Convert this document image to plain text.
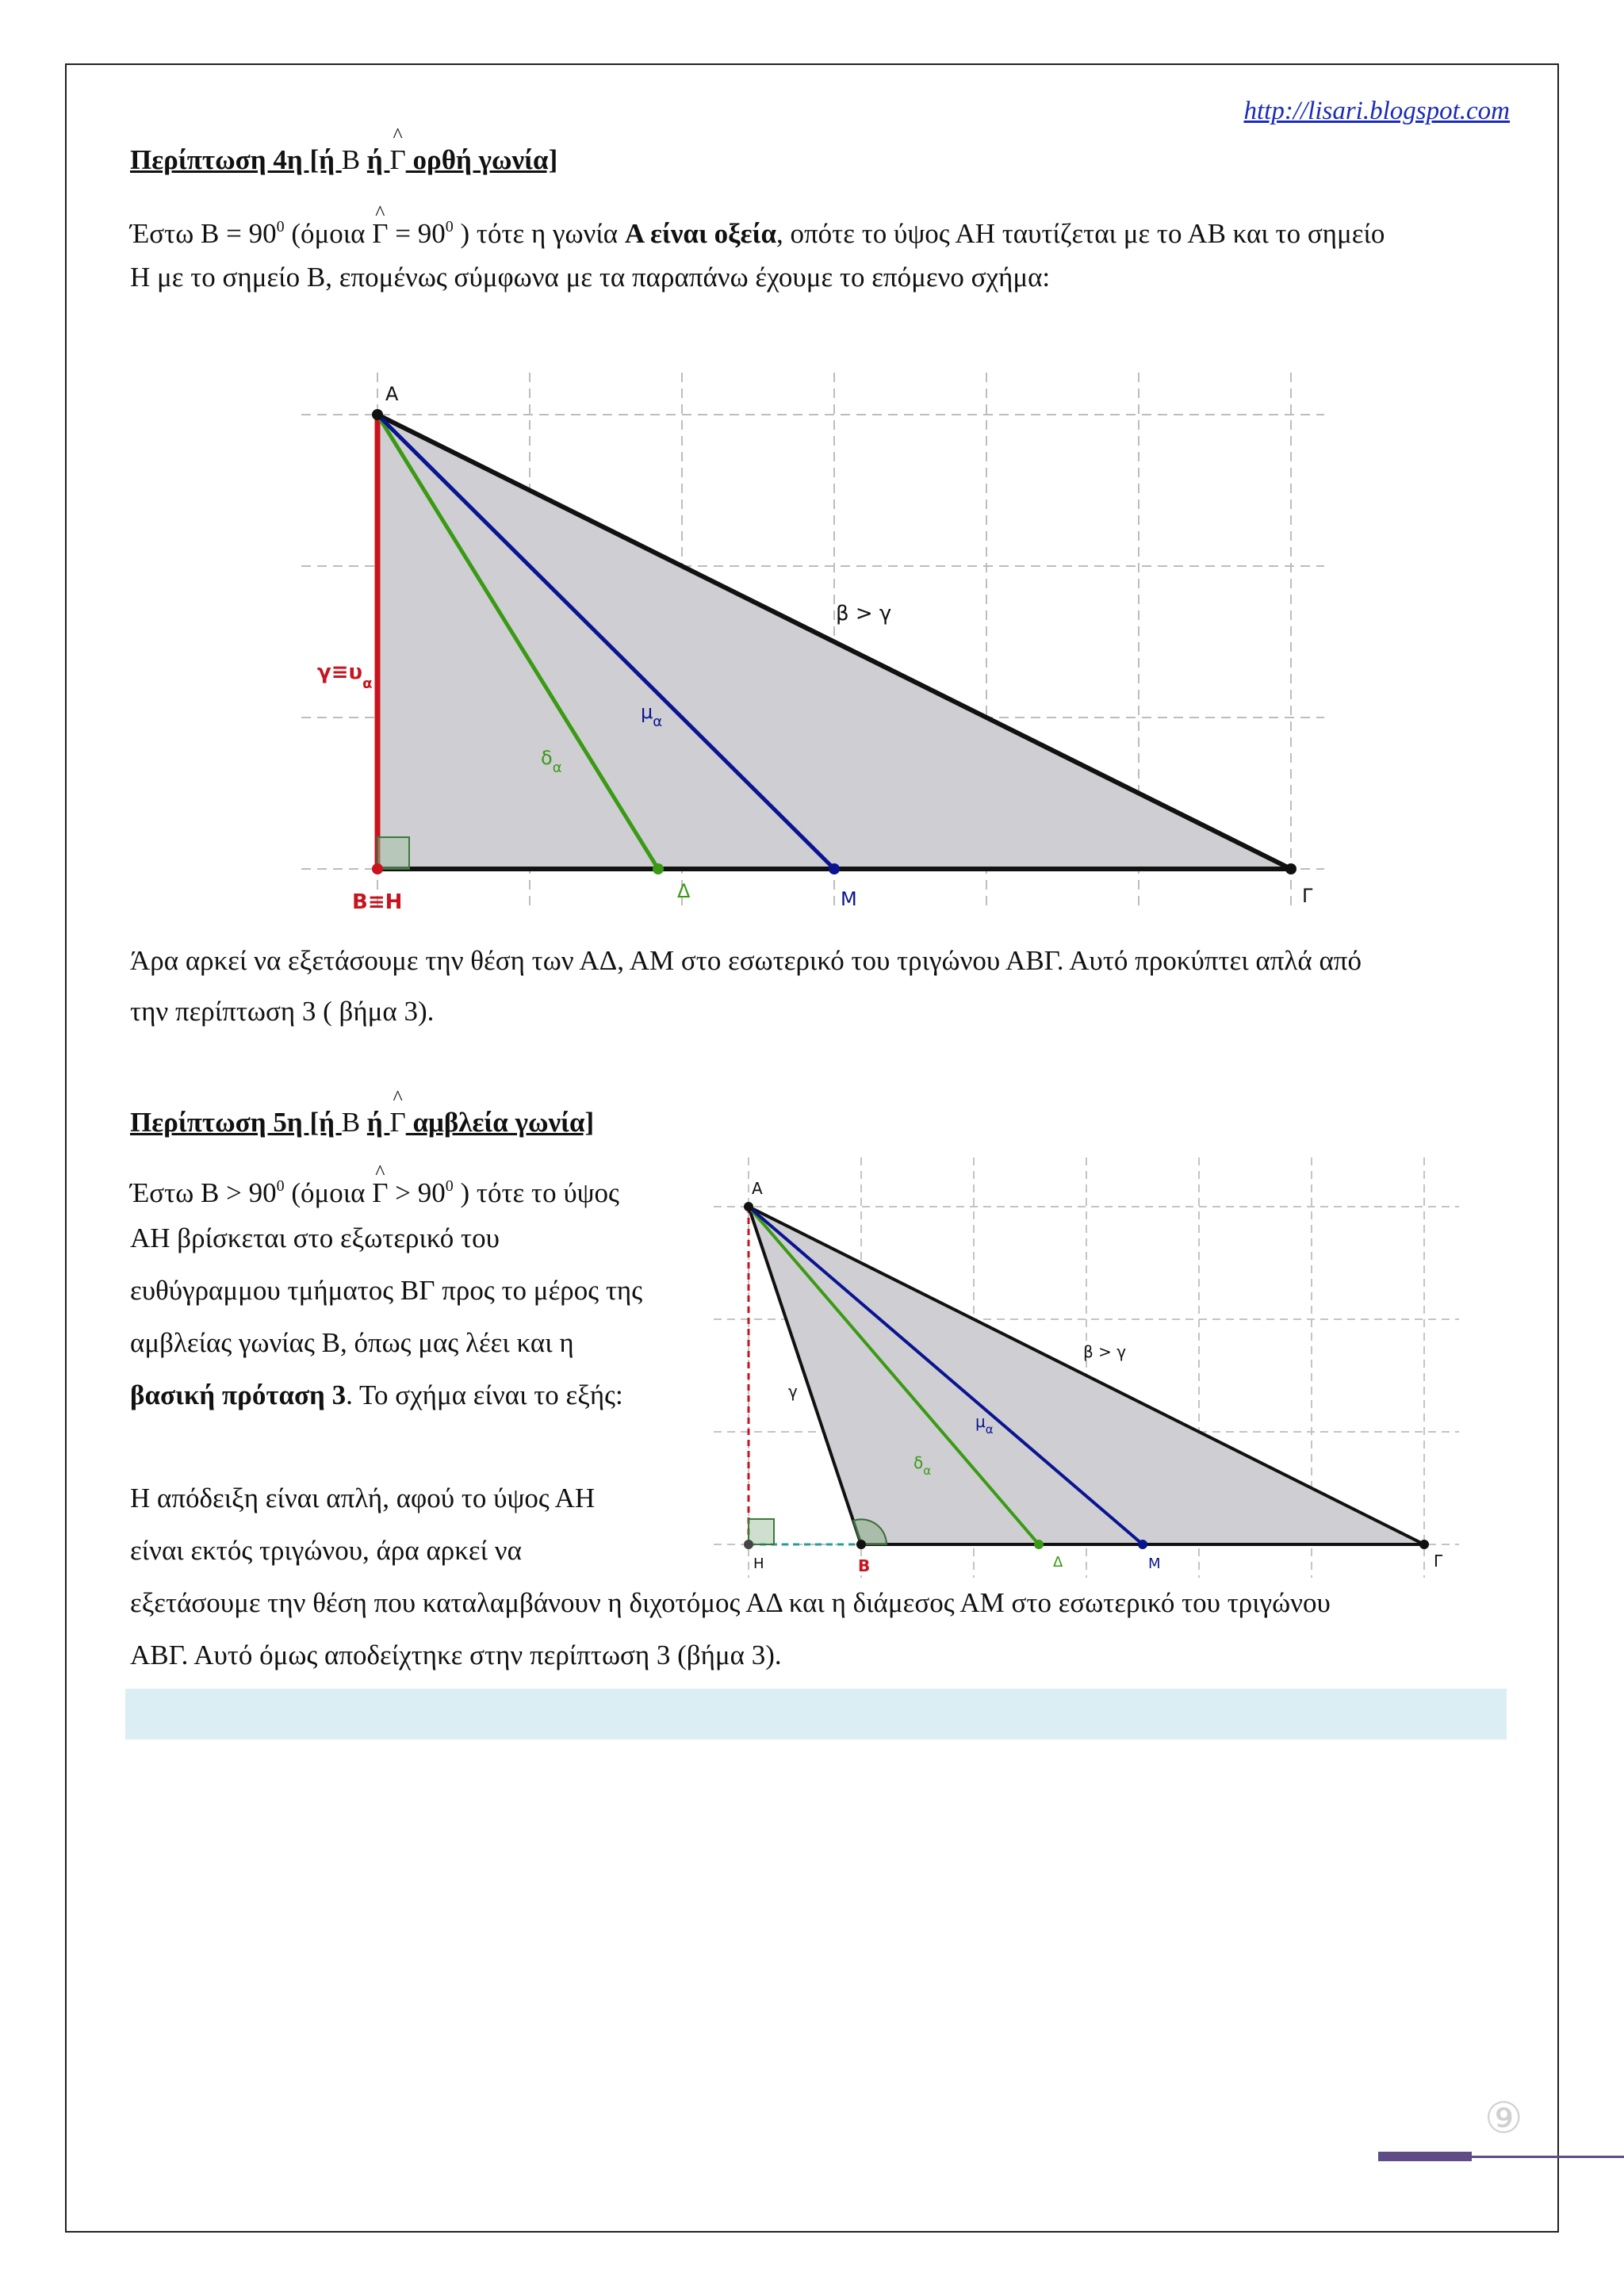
http://lisari.blogspot.com
Περίπτωση 4η [ή Β ή ^ Γ ορθή γωνία]
Έστω $B = 90^0$ (όμοια ^ $\Gamma = 90^0$ ) τότε η γωνία Α είναι οξεία, οπότε το ύψος ΑΗ ταυτίζεται με το ΑΒ και το σημείο
Η με το σημείο Β, επομένως σύμφωνα με τα παραπάνω έχουμε το επόμενο σχήμα:
A
B≡H	Δ	M	Γ
$\gamma\equiv\upsilon_\alpha$
$\mu_\alpha$
$\delta_\alpha$
β > γ
Άρα αρκεί να εξετάσουμε την θέση των ΑΔ, ΑΜ στο εσωτερικό του τριγώνου ΑΒΓ. Αυτό προκύπτει απλά από
την περίπτωση 3 ( βήμα 3).
Περίπτωση 5η [ή Β ή ^ Γ αμβλεία γωνία]
Έστω $B > 90^0$ (όμοια ^ $\Gamma > 90^0$ ) τότε το ύψος
ΑΗ βρίσκεται στο εξωτερικό του
ευθύγραμμου τμήματος ΒΓ προς το μέρος της
αμβλείας γωνίας Β, όπως μας λέει και η
βασική πρόταση 3. Το σχήμα είναι το εξής:
Η απόδειξη είναι απλή, αφού το ύψος ΑΗ
είναι εκτός τριγώνου, άρα αρκεί να
εξετάσουμε την θέση που καταλαμβάνουν η διχοτόμος ΑΔ και η διάμεσος ΑΜ στο εσωτερικό του τριγώνου
ΑΒΓ. Αυτό όμως αποδείχτηκε στην περίπτωση 3 (βήμα 3).
A
H	B	Δ	M	Γ
γ
$\mu_\alpha$
$\delta_\alpha$
β > γ
⑨
